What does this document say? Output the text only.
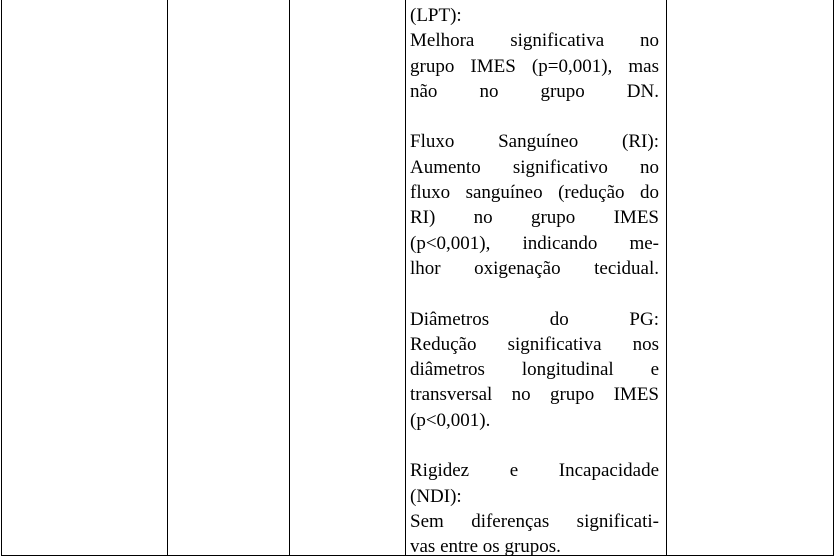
(LPT):
Melhora significativa no
grupo IMES (p=0,001), mas
não no grupo DN.
Fluxo Sanguíneo (RI):
Aumento significativo no
fluxo sanguíneo (redução do
RI) no grupo IMES
(p<0,001), indicando me-
lhor oxigenação tecidual.
Diâmetros do PG:
Redução significativa nos
diâmetros longitudinal e
transversal no grupo IMES
(p<0,001).
Rigidez e Incapacidade
(NDI):
Sem diferenças significati-
vas entre os grupos.
